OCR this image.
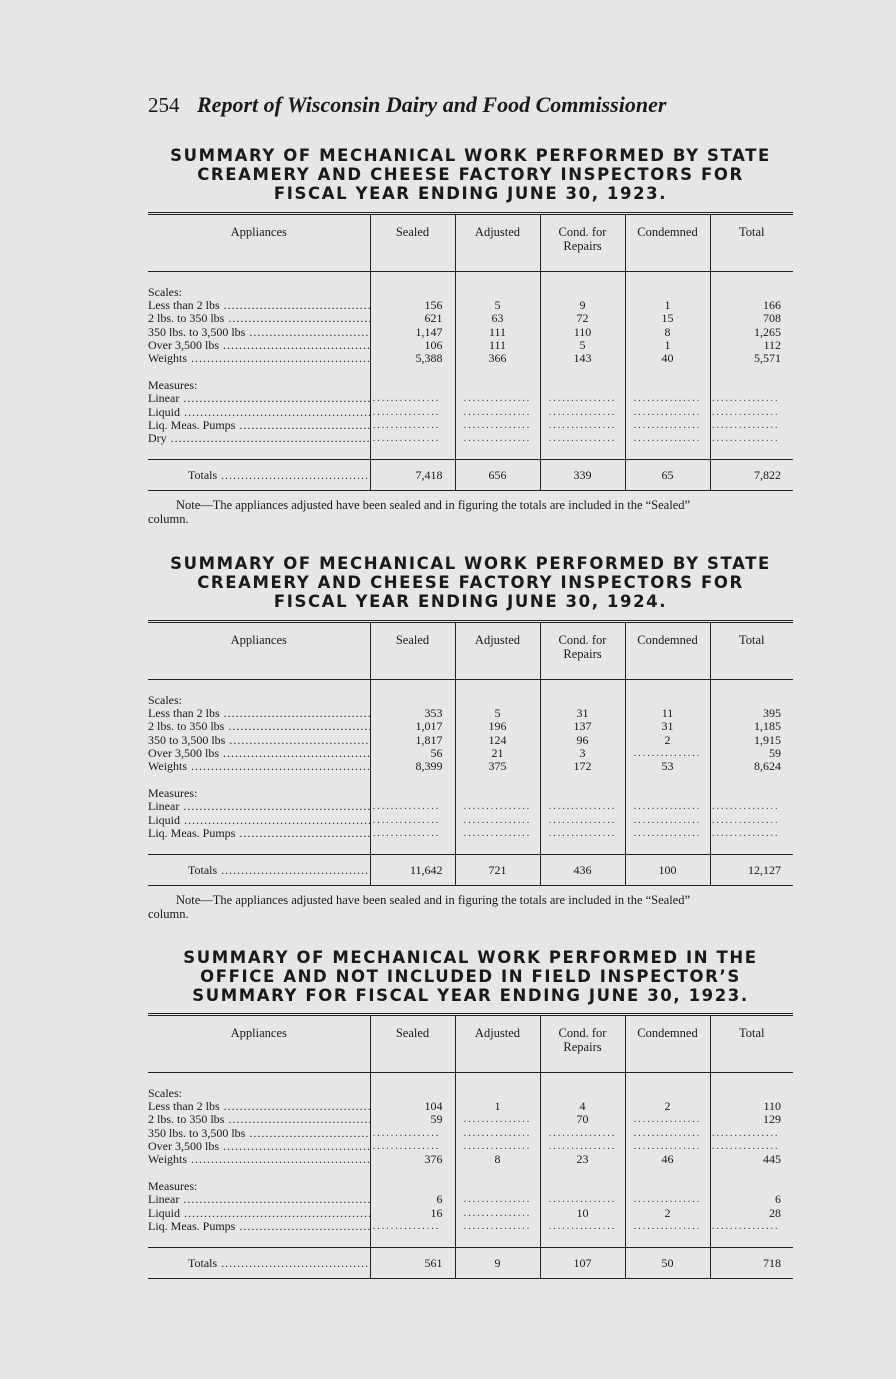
254 Report of Wisconsin Dairy and Food Commissioner
SUMMARY OF MECHANICAL WORK PERFORMED BY STATE
CREAMERY AND CHEESE FACTORY INSPECTORS FOR
FISCAL YEAR ENDING JUNE 30, 1923.
Appliances	Sealed	Adjusted	Cond. for Repairs	Condemned	Total

Scales:					
Less than 2 lbs .....	156	5	9	1	166
2 lbs. to 350 lbs .....	621	63	72	15	708
350 lbs. to 3,500 lbs .....	1,147	111	110	8	1,265
Over 3,500 lbs .....	106	111	5	1	112
Weights .....	5,388	366	143	40	5,571

Measures:					
Linear .....	...............	...............	...............	...............	...............
Liquid .....	...............	...............	...............	...............	...............
Liq. Meas. Pumps .....	...............	...............	...............	...............	...............
Dry .....	...............	...............	...............	...............	...............

Totals .....	7,418	656	339	65	7,822
Note—The appliances adjusted have been sealed and in figuring the totals are included in the “Sealed”
column.
SUMMARY OF MECHANICAL WORK PERFORMED BY STATE
CREAMERY AND CHEESE FACTORY INSPECTORS FOR
FISCAL YEAR ENDING JUNE 30, 1924.
Appliances	Sealed	Adjusted	Cond. for Repairs	Condemned	Total

Scales:					
Less than 2 lbs .....	353	5	31	11	395
2 lbs. to 350 lbs .....	1,017	196	137	31	1,185
350 to 3,500 lbs .....	1,817	124	96	2	1,915
Over 3,500 lbs .....	56	21	3	...............	59
Weights .....	8,399	375	172	53	8,624

Measures:					
Linear .....	...............	...............	...............	...............	...............
Liquid .....	...............	...............	...............	...............	...............
Liq. Meas. Pumps .....	...............	...............	...............	...............	...............

Totals .....	11,642	721	436	100	12,127
Note—The appliances adjusted have been sealed and in figuring the totals are included in the “Sealed”
column.
SUMMARY OF MECHANICAL WORK PERFORMED IN THE
OFFICE AND NOT INCLUDED IN FIELD INSPECTOR’S
SUMMARY FOR FISCAL YEAR ENDING JUNE 30, 1923.
Appliances	Sealed	Adjusted	Cond. for Repairs	Condemned	Total

Scales:					
Less than 2 lbs .....	104	1	4	2	110
2 lbs. to 350 lbs .....	59	...............	70	...............	129
350 lbs. to 3,500 lbs .....	...............	...............	...............	...............	...............
Over 3,500 lbs .....	...............	...............	...............	...............	...............
Weights .....	376	8	23	46	445

Measures:					
Linear .....	6	...............	...............	...............	6
Liquid .....	16	...............	10	2	28
Liq. Meas. Pumps .....	...............	...............	...............	...............	...............

Totals .....	561	9	107	50	718
